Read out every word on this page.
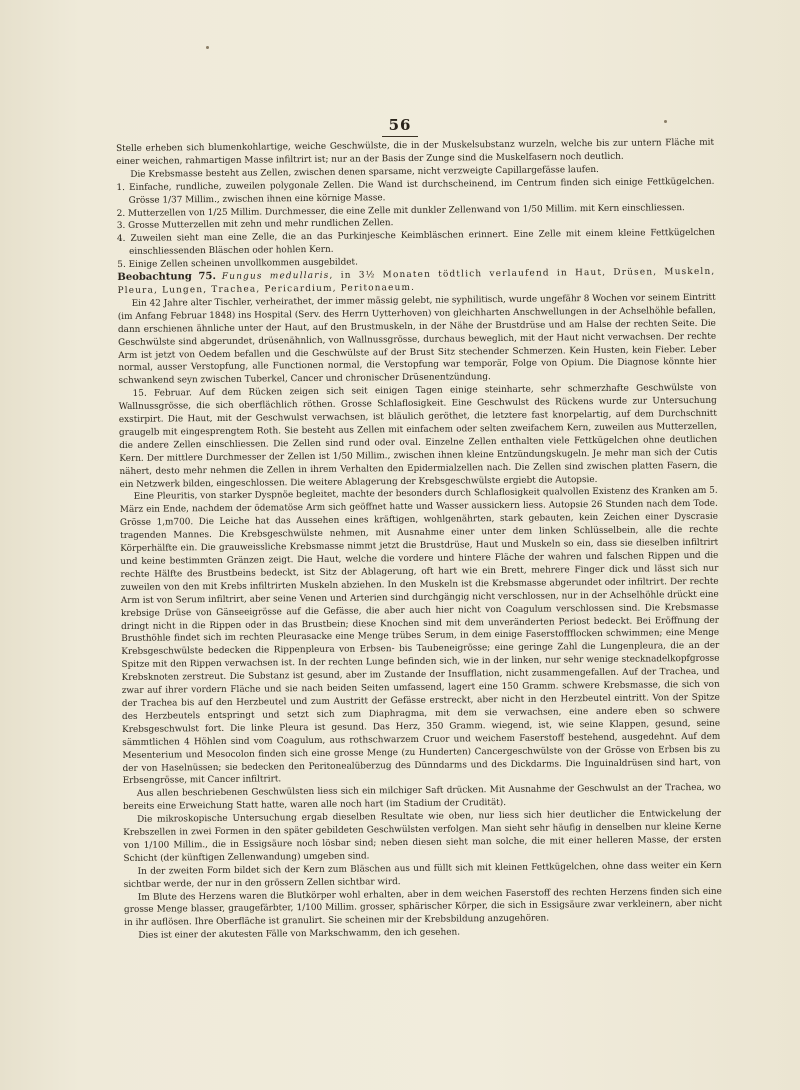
56

Stelle erheben sich blumenkohlartige, weiche Geschwülste, die in der Muskelsubstanz wurzeln, welche bis zur untern Fläche mit einer weichen, rahmartigen Masse infiltrirt ist; nur an der Basis der Zunge sind die Muskelfasern noch deutlich.

Die Krebsmasse besteht aus Zellen, zwischen denen sparsame, nicht verzweigte Capillargefässe laufen.

1. Einfache, rundliche, zuweilen polygonale Zellen. Die Wand ist durchscheinend, im Centrum finden sich einige Fettkügelchen. Grösse 1/37 Millim., zwischen ihnen eine körnige Masse.

2. Mutterzellen von 1/25 Millim. Durchmesser, die eine Zelle mit dunkler Zellenwand von 1/50 Millim. mit Kern einschliessen.

3. Grosse Mutterzellen mit zehn und mehr rundlichen Zellen.

4. Zuweilen sieht man eine Zelle, die an das Purkinjesche Keimbläschen erinnert. Eine Zelle mit einem kleine Fettkügelchen einschliessenden Bläschen oder hohlen Kern.

5. Einige Zellen scheinen unvollkommen ausgebildet.

Beobachtung 75. Fungus medullaris, in 3½ Monaten tödtlich verlaufend in Haut, Drüsen, Muskeln, Pleura, Lungen, Trachea, Pericardium, Peritonaeum.

Ein 42 Jahre alter Tischler, verheirathet, der immer mässig gelebt, nie syphilitisch, wurde ungefähr 8 Wochen vor seinem Eintritt (im Anfang Februar 1848) ins Hospital (Serv. des Herrn Uytterhoven) von gleichharten Anschwellungen in der Achselhöhle befallen, dann erschienen ähnliche unter der Haut, auf den Brustmuskeln, in der Nähe der Brustdrüse und am Halse der rechten Seite. Die Geschwülste sind abgerundet, drüsenähnlich, von Wallnussgrösse, durchaus beweglich, mit der Haut nicht verwachsen. Der rechte Arm ist jetzt von Oedem befallen und die Geschwülste auf der Brust Sitz stechender Schmerzen. Kein Husten, kein Fieber. Leber normal, ausser Verstopfung, alle Functionen normal, die Verstopfung war temporär, Folge von Opium. Die Diagnose könnte hier schwankend seyn zwischen Tuberkel, Cancer und chronischer Drüsenentzündung.

15. Februar. Auf dem Rücken zeigen sich seit einigen Tagen einige steinharte, sehr schmerzhafte Geschwülste von Wallnussgrösse, die sich oberflächlich röthen. Grosse Schlaflosigkeit. Eine Geschwulst des Rückens wurde zur Untersuchung exstirpirt. Die Haut, mit der Geschwulst verwachsen, ist bläulich geröthet, die letztere fast knorpelartig, auf dem Durchschnitt graugelb mit eingesprengtem Roth. Sie besteht aus Zellen mit einfachem oder selten zweifachem Kern, zuweilen aus Mutterzellen, die andere Zellen einschliessen. Die Zellen sind rund oder oval. Einzelne Zellen enthalten viele Fettkügelchen ohne deutlichen Kern. Der mittlere Durchmesser der Zellen ist 1/50 Millim., zwischen ihnen kleine Entzündungskugeln. Je mehr man sich der Cutis nähert, desto mehr nehmen die Zellen in ihrem Verhalten den Epidermialzellen nach. Die Zellen sind zwischen platten Fasern, die ein Netzwerk bilden, eingeschlossen. Die weitere Ablagerung der Krebsgeschwülste ergiebt die Autopsie.

Eine Pleuritis, von starker Dyspnöe begleitet, machte der besonders durch Schlaflosigkeit qualvollen Existenz des Kranken am 5. März ein Ende, nachdem der ödematöse Arm sich geöffnet hatte und Wasser aussickern liess. Autopsie 26 Stunden nach dem Tode. Grösse 1,m700. Die Leiche hat das Aussehen eines kräftigen, wohlgenährten, stark gebauten, kein Zeichen einer Dyscrasie tragenden Mannes. Die Krebsgeschwülste nehmen, mit Ausnahme einer unter dem linken Schlüsselbein, alle die rechte Körperhälfte ein. Die grauweissliche Krebsmasse nimmt jetzt die Brustdrüse, Haut und Muskeln so ein, dass sie dieselben infiltrirt und keine bestimmten Gränzen zeigt. Die Haut, welche die vordere und hintere Fläche der wahren und falschen Rippen und die rechte Hälfte des Brustbeins bedeckt, ist Sitz der Ablagerung, oft hart wie ein Brett, mehrere Finger dick und lässt sich nur zuweilen von den mit Krebs infiltrirten Muskeln abziehen. In den Muskeln ist die Krebsmasse abgerundet oder infiltrirt. Der rechte Arm ist von Serum infiltrirt, aber seine Venen und Arterien sind durchgängig nicht verschlossen, nur in der Achselhöhle drückt eine krebsige Drüse von Gänseeigrösse auf die Gefässe, die aber auch hier nicht von Coagulum verschlossen sind. Die Krebsmasse dringt nicht in die Rippen oder in das Brustbein; diese Knochen sind mit dem unveränderten Periost bedeckt. Bei Eröffnung der Brusthöhle findet sich im rechten Pleurasacke eine Menge trübes Serum, in dem einige Faserstoffflocken schwimmen; eine Menge Krebsgeschwülste bedecken die Rippenpleura von Erbsen- bis Taubeneigrösse; eine geringe Zahl die Lungenpleura, die an der Spitze mit den Rippen verwachsen ist. In der rechten Lunge befinden sich, wie in der linken, nur sehr wenige stecknadelkopfgrosse Krebsknoten zerstreut. Die Substanz ist gesund, aber im Zustande der Insufflation, nicht zusammengefallen. Auf der Trachea, und zwar auf ihrer vordern Fläche und sie nach beiden Seiten umfassend, lagert eine 150 Gramm. schwere Krebsmasse, die sich von der Trachea bis auf den Herzbeutel und zum Austritt der Gefässe erstreckt, aber nicht in den Herzbeutel eintritt. Von der Spitze des Herzbeutels entspringt und setzt sich zum Diaphragma, mit dem sie verwachsen, eine andere eben so schwere Krebsgeschwulst fort. Die linke Pleura ist gesund. Das Herz, 350 Gramm. wiegend, ist, wie seine Klappen, gesund, seine sämmtlichen 4 Höhlen sind vom Coagulum, aus rothschwarzem Cruor und weichem Faserstoff bestehend, ausgedehnt. Auf dem Mesenterium und Mesocolon finden sich eine grosse Menge (zu Hunderten) Cancergeschwülste von der Grösse von Erbsen bis zu der von Haselnüssen; sie bedecken den Peritonealüberzug des Dünndarms und des Dickdarms. Die Inguinaldrüsen sind hart, von Erbsengrösse, mit Cancer infiltrirt.

Aus allen beschriebenen Geschwülsten liess sich ein milchiger Saft drücken. Mit Ausnahme der Geschwulst an der Trachea, wo bereits eine Erweichung Statt hatte, waren alle noch hart (im Stadium der Crudität).

Die mikroskopische Untersuchung ergab dieselben Resultate wie oben, nur liess sich hier deutlicher die Entwickelung der Krebszellen in zwei Formen in den später gebildeten Geschwülsten verfolgen. Man sieht sehr häufig in denselben nur kleine Kerne von 1/100 Millim., die in Essigsäure noch lösbar sind; neben diesen sieht man solche, die mit einer helleren Masse, der ersten Schicht (der künftigen Zellenwandung) umgeben sind.

In der zweiten Form bildet sich der Kern zum Bläschen aus und füllt sich mit kleinen Fettkügelchen, ohne dass weiter ein Kern sichtbar werde, der nur in den grössern Zellen sichtbar wird.

Im Blute des Herzens waren die Blutkörper wohl erhalten, aber in dem weichen Faserstoff des rechten Herzens finden sich eine grosse Menge blasser, graugefärbter, 1/100 Millim. grosser, sphärischer Körper, die sich in Essigsäure zwar verkleinern, aber nicht in ihr auflösen. Ihre Oberfläche ist granulirt. Sie scheinen mir der Krebsbildung anzugehören.

Dies ist einer der akutesten Fälle von Markschwamm, den ich gesehen.
